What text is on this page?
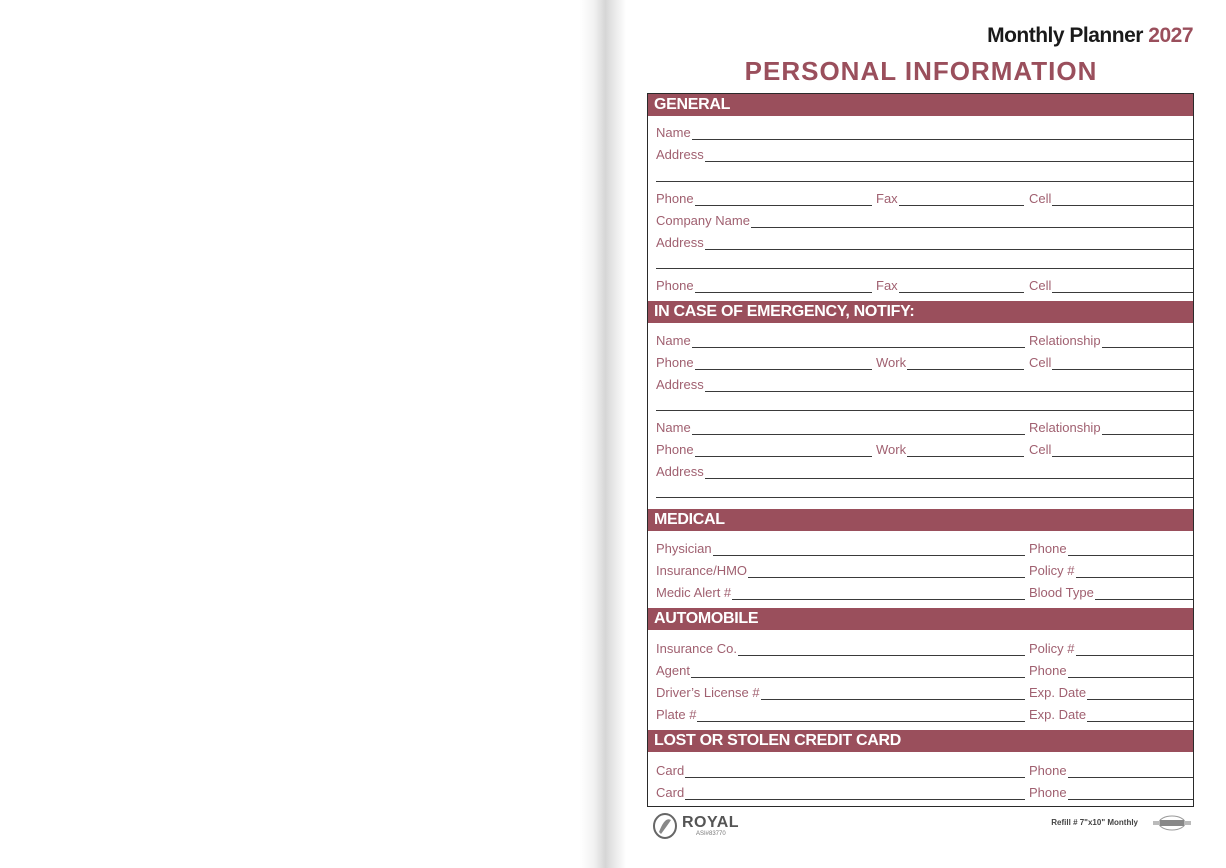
Monthly Planner 2027
PERSONAL INFORMATION
GENERAL
Name
Address
Phone	Fax	Cell
Company Name
Address
Phone	Fax	Cell
IN CASE OF EMERGENCY, NOTIFY:
Name	Relationship
Phone	Work	Cell
Address
Name	Relationship
Phone	Work	Cell
Address
MEDICAL
Physician	Phone
Insurance/HMO	Policy #
Medic Alert #	Blood Type
AUTOMOBILE
Insurance Co.	Policy #
Agent	Phone
Driver’s License #	Exp. Date
Plate #	Exp. Date
LOST OR STOLEN CREDIT CARD
Card	Phone
Card	Phone
ROYAL
ASI#83770
Refill # 7"x10" Monthly
